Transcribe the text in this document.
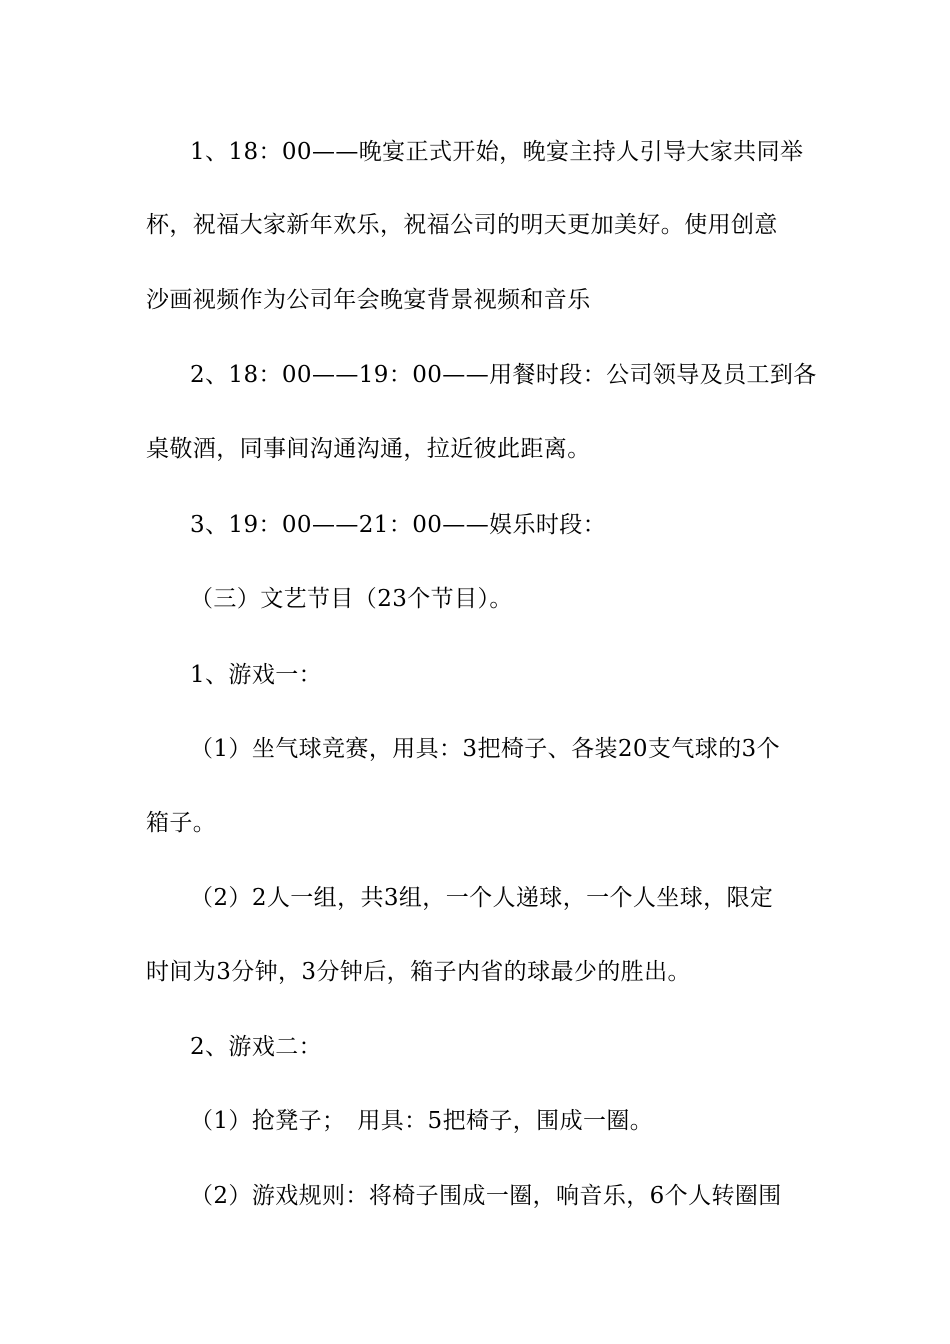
1、18：00——晚宴正式开始，晚宴主持人引导大家共同举
杯，祝福大家新年欢乐，祝福公司的明天更加美好。使用创意
沙画视频作为公司年会晚宴背景视频和音乐
2、18：00——19：00——用餐时段：公司领导及员工到各
桌敬酒，同事间沟通沟通，拉近彼此距离。
3、19：00——21：00——娱乐时段：
（三）文艺节目（23个节目）。
1、游戏一：
（1）坐气球竞赛，用具：3把椅子、各装20支气球的3个
箱子。
（2）2人一组，共3组，一个人递球，一个人坐球，限定
时间为3分钟，3分钟后，箱子内省的球最少的胜出。
2、游戏二：
（1）抢凳子；　用具：5把椅子，围成一圈。
（2）游戏规则：将椅子围成一圈，响音乐，6个人转圈围
